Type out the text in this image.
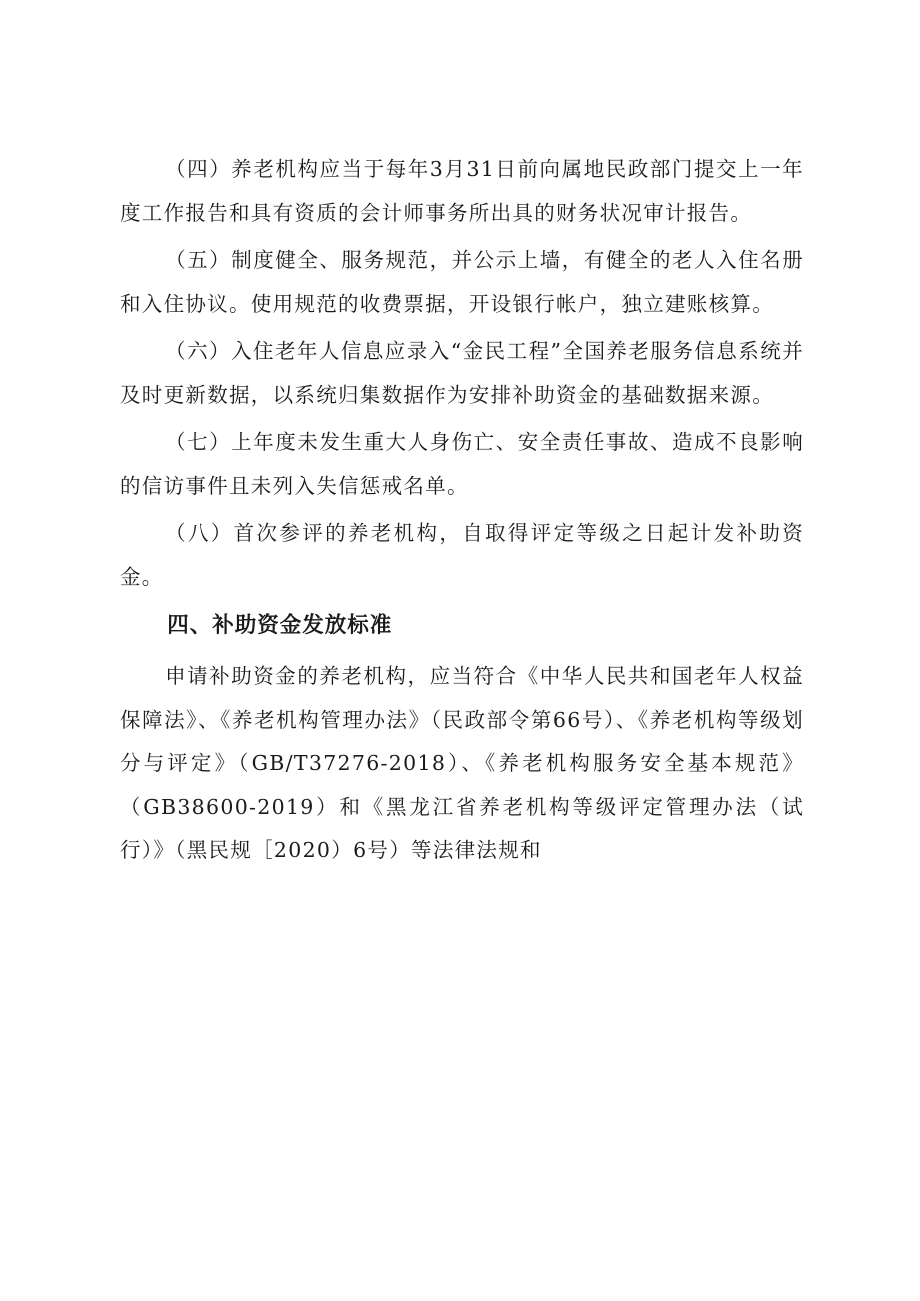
（四）养老机构应当于每年3月31日前向属地民政部门提交上一年度工作报告和具有资质的会计师事务所出具的财务状况审计报告。

（五）制度健全、服务规范，并公示上墙，有健全的老人入住名册和入住协议。使用规范的收费票据，开设银行帐户，独立建账核算。

（六）入住老年人信息应录入“金民工程”全国养老服务信息系统并及时更新数据，以系统归集数据作为安排补助资金的基础数据来源。

（七）上年度未发生重大人身伤亡、安全责任事故、造成不良影响的信访事件且未列入失信惩戒名单。

（八）首次参评的养老机构，自取得评定等级之日起计发补助资金。

四、补助资金发放标准

申请补助资金的养老机构，应当符合《中华人民共和国老年人权益保障法》、《养老机构管理办法》（民政部令第66号）、《养老机构等级划分与评定》（GB/T37276-2018）、《养老机构服务安全基本规范》（GB38600-2019）和《黑龙江省养老机构等级评定管理办法（试行）》（黑民规［2020）6号）等法律法规和
